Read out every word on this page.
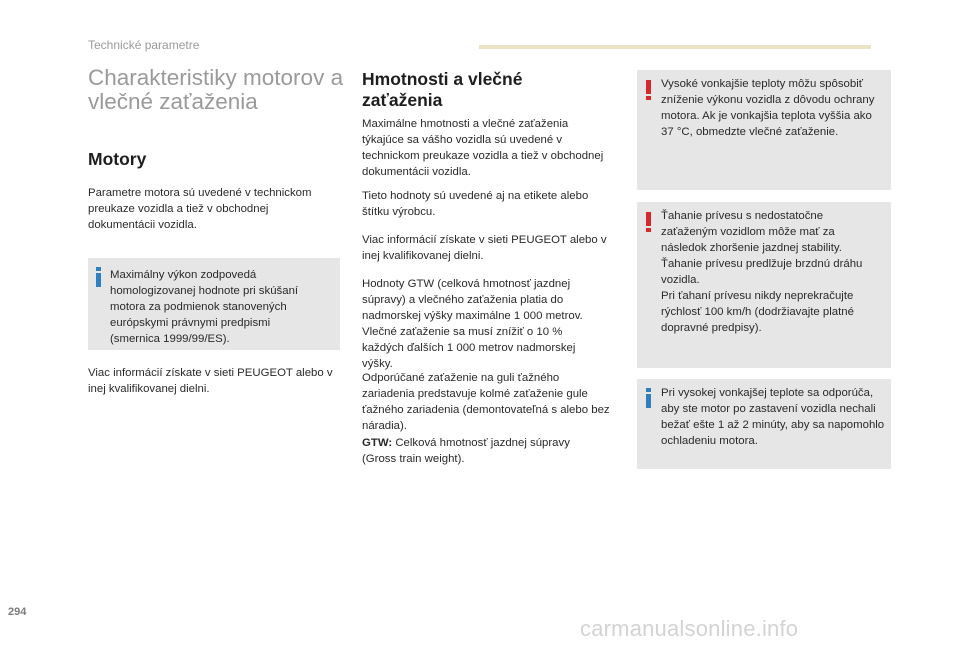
Technické parametre
Charakteristiky motorov a vlečné zaťaženia
Motory

Parametre motora sú uvedené v technickom preukaze vozidla a tiež v obchodnej dokumentácii vozidla.

Maximálny výkon zodpovedá homologizovanej hodnote pri skúšaní motora za podmienok stanovených európskymi právnymi predpismi (smernica 1999/99/ES).

Viac informácií získate v sieti PEUGEOT alebo v inej kvalifikovanej dielni.

Hmotnosti a vlečné zaťaženia

Maximálne hmotnosti a vlečné zaťaženia týkajúce sa vášho vozidla sú uvedené v technickom preukaze vozidla a tiež v obchodnej dokumentácii vozidla.

Tieto hodnoty sú uvedené aj na etikete alebo štítku výrobcu.

Viac informácií získate v sieti PEUGEOT alebo v inej kvalifikovanej dielni.

Hodnoty GTW (celková hmotnosť jazdnej súpravy) a vlečného zaťaženia platia do nadmorskej výšky maximálne 1 000 metrov. Vlečné zaťaženie sa musí znížiť o 10 % každých ďalších 1 000 metrov nadmorskej výšky.

Odporúčané zaťaženie na guli ťažného zariadenia predstavuje kolmé zaťaženie gule ťažného zariadenia (demontovateľná s alebo bez náradia).

GTW: Celková hmotnosť jazdnej súpravy (Gross train weight).

Vysoké vonkajšie teploty môžu spôsobiť zníženie výkonu vozidla z dôvodu ochrany motora. Ak je vonkajšia teplota vyššia ako 37 °C, obmedzte vlečné zaťaženie.

Ťahanie prívesu s nedostatočne zaťaženým vozidlom môže mať za následok zhoršenie jazdnej stability.

Ťahanie prívesu predlžuje brzdnú dráhu vozidla.

Pri ťahaní prívesu nikdy neprekračujte rýchlosť 100 km/h (dodržiavajte platné dopravné predpisy).

Pri vysokej vonkajšej teplote sa odporúča, aby ste motor po zastavení vozidla nechali bežať ešte 1 až 2 minúty, aby sa napomohlo ochladeniu motora.

294
carmanualsonline.info
